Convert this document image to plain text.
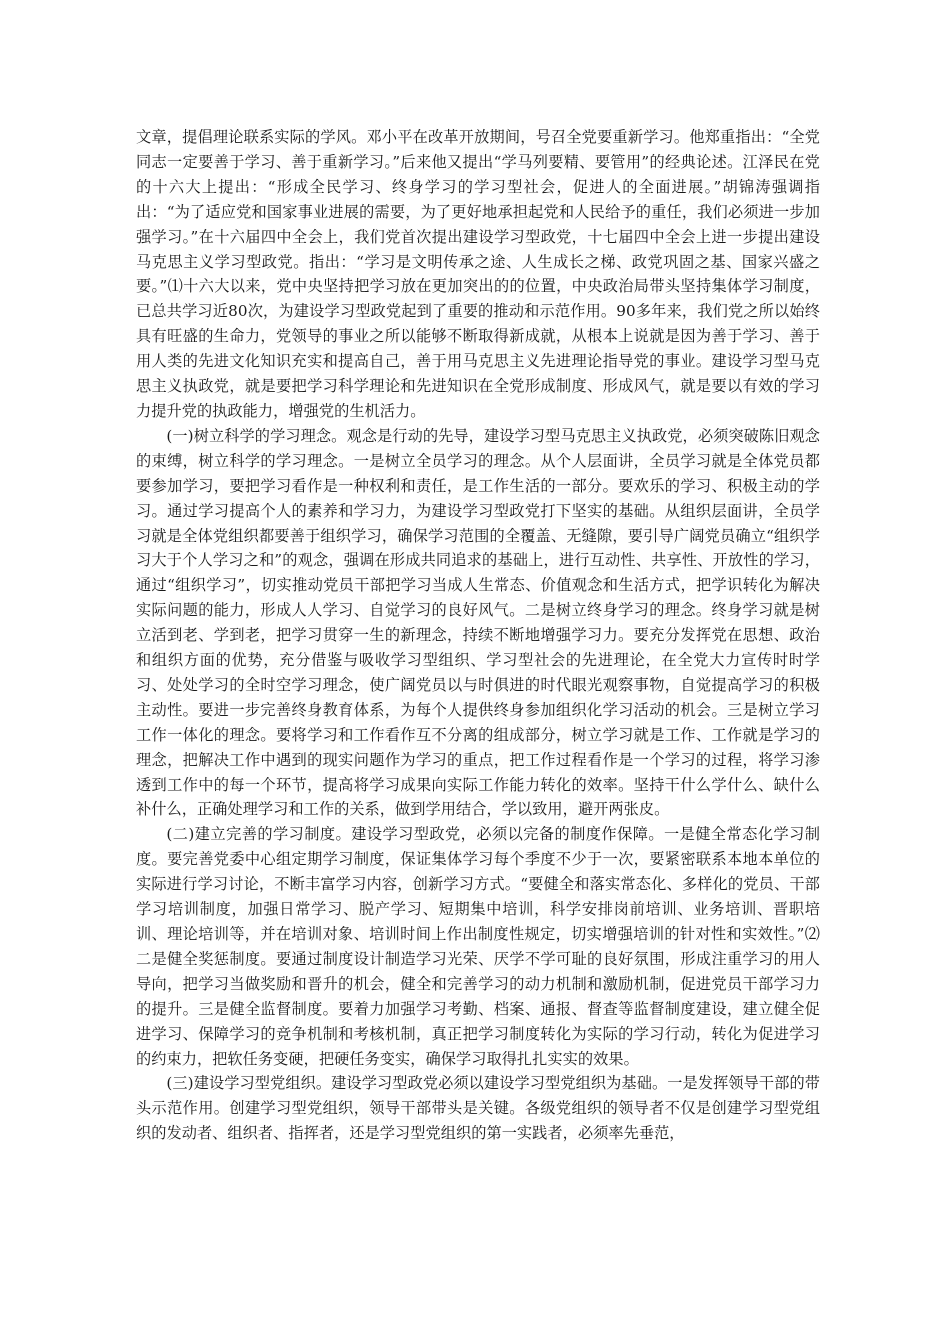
文章，提倡理论联系实际的学风。邓小平在改革开放期间，号召全党要重新学习。他郑重指出：“全党同志一定要善于学习、善于重新学习。”后来他又提出“学马列要精、要管用”的经典论述。江泽民在党的十六大上提出：“形成全民学习、终身学习的学习型社会，促进人的全面进展。”胡锦涛强调指出：“为了适应党和国家事业进展的需要，为了更好地承担起党和人民给予的重任，我们必须进一步加强学习。”在十六届四中全会上，我们党首次提出建设学习型政党，十七届四中全会上进一步提出建设马克思主义学习型政党。指出：“学习是文明传承之途、人生成长之梯、政党巩固之基、国家兴盛之要。”⑴十六大以来，党中央坚持把学习放在更加突出的的位置，中央政治局带头坚持集体学习制度，已总共学习近80次，为建设学习型政党起到了重要的推动和示范作用。90多年来，我们党之所以始终具有旺盛的生命力，党领导的事业之所以能够不断取得新成就，从根本上说就是因为善于学习、善于用人类的先进文化知识充实和提高自己，善于用马克思主义先进理论指导党的事业。建设学习型马克思主义执政党，就是要把学习科学理论和先进知识在全党形成制度、形成风气，就是要以有效的学习力提升党的执政能力，增强党的生机活力。

(一)树立科学的学习理念。观念是行动的先导，建设学习型马克思主义执政党，必须突破陈旧观念的束缚，树立科学的学习理念。一是树立全员学习的理念。从个人层面讲，全员学习就是全体党员都要参加学习，要把学习看作是一种权利和责任，是工作生活的一部分。要欢乐的学习、积极主动的学习。通过学习提高个人的素养和学习力，为建设学习型政党打下坚实的基础。从组织层面讲，全员学习就是全体党组织都要善于组织学习，确保学习范围的全覆盖、无缝隙，要引导广阔党员确立“组织学习大于个人学习之和”的观念，强调在形成共同追求的基础上，进行互动性、共享性、开放性的学习，通过“组织学习”，切实推动党员干部把学习当成人生常态、价值观念和生活方式，把学识转化为解决实际问题的能力，形成人人学习、自觉学习的良好风气。二是树立终身学习的理念。终身学习就是树立活到老、学到老，把学习贯穿一生的新理念，持续不断地增强学习力。要充分发挥党在思想、政治和组织方面的优势，充分借鉴与吸收学习型组织、学习型社会的先进理论，在全党大力宣传时时学习、处处学习的全时空学习理念，使广阔党员以与时俱进的时代眼光观察事物，自觉提高学习的积极主动性。要进一步完善终身教育体系，为每个人提供终身参加组织化学习活动的机会。三是树立学习工作一体化的理念。要将学习和工作看作互不分离的组成部分，树立学习就是工作、工作就是学习的理念，把解决工作中遇到的现实问题作为学习的重点，把工作过程看作是一个学习的过程，将学习渗透到工作中的每一个环节，提高将学习成果向实际工作能力转化的效率。坚持干什么学什么、缺什么补什么，正确处理学习和工作的关系，做到学用结合，学以致用，避开两张皮。

(二)建立完善的学习制度。建设学习型政党，必须以完备的制度作保障。一是健全常态化学习制度。要完善党委中心组定期学习制度，保证集体学习每个季度不少于一次，要紧密联系本地本单位的实际进行学习讨论，不断丰富学习内容，创新学习方式。“要健全和落实常态化、多样化的党员、干部学习培训制度，加强日常学习、脱产学习、短期集中培训，科学安排岗前培训、业务培训、晋职培训、理论培训等，并在培训对象、培训时间上作出制度性规定，切实增强培训的针对性和实效性。”⑵二是健全奖惩制度。要通过制度设计制造学习光荣、厌学不学可耻的良好氛围，形成注重学习的用人导向，把学习当做奖励和晋升的机会，健全和完善学习的动力机制和激励机制，促进党员干部学习力的提升。三是健全监督制度。要着力加强学习考勤、档案、通报、督查等监督制度建设，建立健全促进学习、保障学习的竞争机制和考核机制，真正把学习制度转化为实际的学习行动，转化为促进学习的约束力，把软任务变硬，把硬任务变实，确保学习取得扎扎实实的效果。

(三)建设学习型党组织。建设学习型政党必须以建设学习型党组织为基础。一是发挥领导干部的带头示范作用。创建学习型党组织，领导干部带头是关键。各级党组织的领导者不仅是创建学习型党组织的发动者、组织者、指挥者，还是学习型党组织的第一实践者，必须率先垂范，
